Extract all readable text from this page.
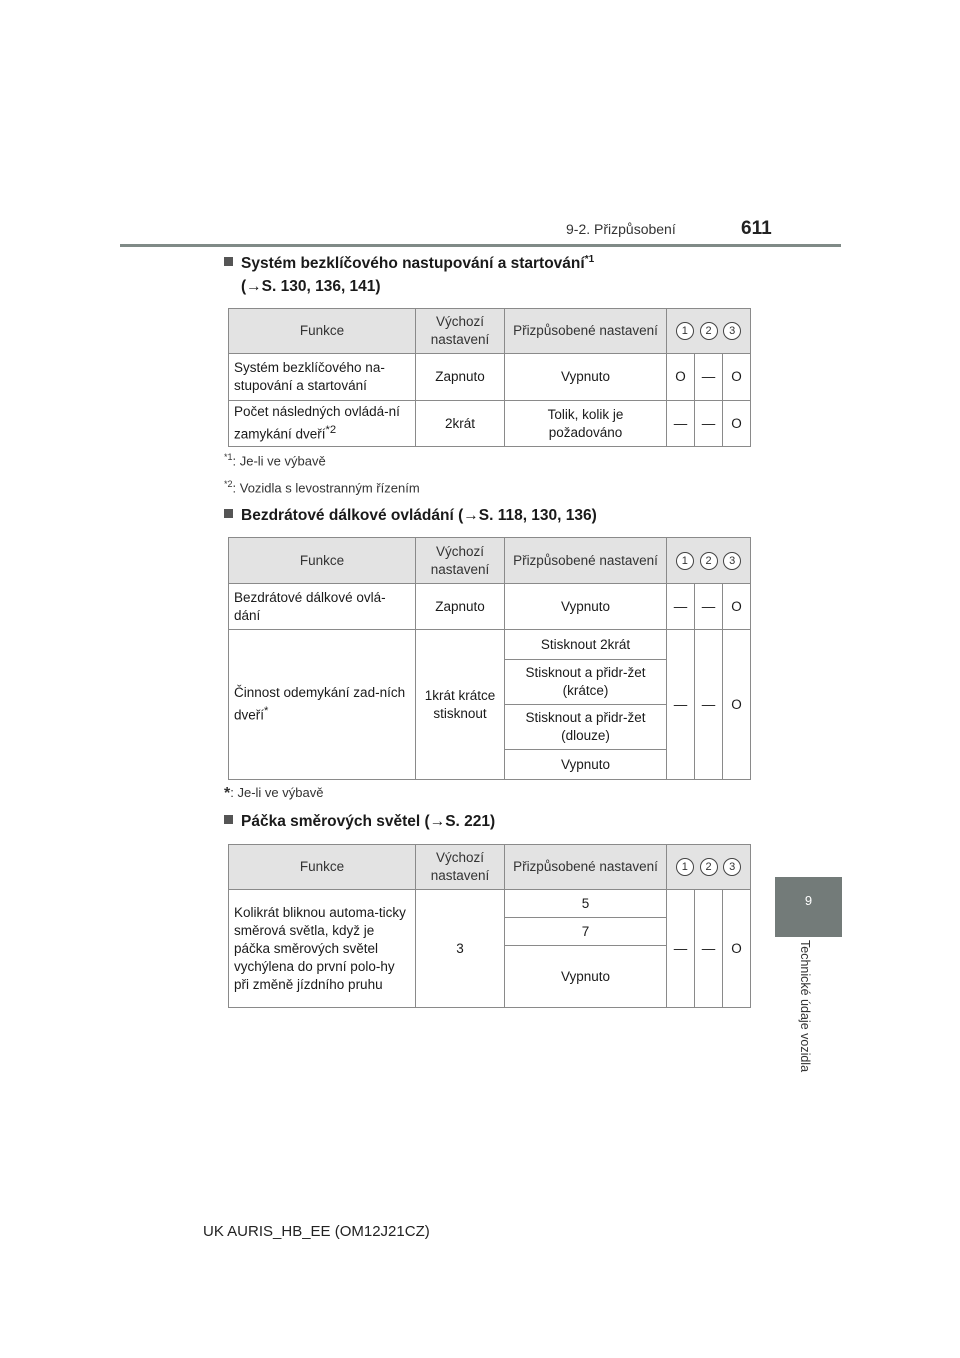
9-2. Přizpůsobení	611
9
Technické údaje vozidla
Systém bezklíčového nastupování a startování$^{*1}$
(→S. 130, 136, 141)
Funkce	Výchozí nastavení	Přizpůsobené nastavení	1 2 3		

Systém bezklíčového na-stupování a startování	Zapnuto	Vypnuto	O	—	O
Počet následných ovládá-ní zamykání dveří$^{*2}$	2krát	Tolik, kolik je požadováno	—	—	O
$^{*1}$: Je-li ve výbavě
$^{*2}$: Vozidla s levostranným řízením
Bezdrátové dálkové ovládání (→S. 118, 130, 136)
Funkce	Výchozí nastavení	Přizpůsobené nastavení	1 2 3		

Bezdrátové dálkové ovlá-dání	Zapnuto	Vypnuto	—	—	O
Činnost odemykání zad-ních dveří*	1krát krátce stisknout	Stisknout 2krát	—	—	O
		Stisknout a přidr-žet (krátce)			
		Stisknout a přidr-žet (dlouze)			
		Vypnuto			
*: Je-li ve výbavě
Páčka směrových světel (→S. 221)
Funkce	Výchozí nastavení	Přizpůsobené nastavení	1 2 3		

Kolikrát bliknou automa-ticky směrová světla, když je páčka směrových světel vychýlena do první polo-hy při změně jízdního pruhu	3	5	—	—	O
		7			
		Vypnuto			
UK AURIS_HB_EE (OM12J21CZ)
